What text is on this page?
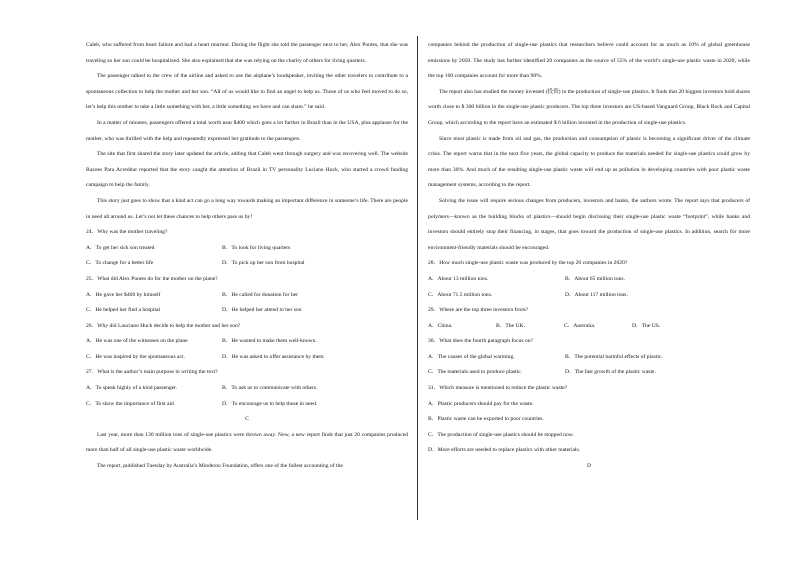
Caleb, who suffered from heart failure and had a heart murmur. During the flight she told the passenger next to her, Alex Pontes, that she was traveling so her son could be hospitalized. She also explained that she was relying on the charity of others for living quarters.

The passenger talked to the crew of the airline and asked to use the airplane’s loudspeaker, inviting the other travelers to contribute to a spontaneous collection to help the mother and her son. “All of us would like to find an angel to help us. Those of us who feel moved to do so, let’s help this mother to take a little something with her, a little something we have and can share.” he said.

In a matter of minutes, passengers offered a total worth near $400 which goes a lot further in Brazil than in the USA, plus applause for the mother, who was thrilled with the help and repeatedly expressed her gratitude to the passengers.

The site that first shared the story later updated the article, adding that Caleb went through surgery and was recovering well. The website Razoes Para Acreditar reported that the story caught the attention of Brazil in TV personality Luciano Huck, who started a crowd funding campaign to help the family.

This story just goes to show that a kind act can go a long way towards making an important difference in someone’s life. There are people in need all around us. Let’s not let these chances to help others pass us by!

24．Why was the mother traveling?

A．To get her sick son treated	B．To look for living quarters

C．To change for a better life	D．To pick up her son from hospital

25．What did Alex Pontes do for the mother on the plane?

A．He gave her $400 by himself	B．He called for donation for her

C．He helped her find a hospital	D．He helped her attend to her son

26．Why did Lauciano Huck decide to help the mother and her son?

A．He was one of the witnesses on the plane	B．He wanted to make them well-known.

C．He was inspired by the spontaneous act.	D．He was asked to offer assistance by them

27．What is the author’s main purpose in writing the text?

A．To speak highly of a kind passenger.	B．To ask us to communicate with others.

C．To show the importance of first aid	D．To encourage us to help those in need.

C

Last year, more than 130 million tons of single-use plastics were thrown away. Now, a new report finds that just 20 companies produced more than half of all single-use plastic waste worldwide.

The report, published Tuesday by Australia’s Minderoo Foundation, offers one of the fullest accounting of the

companies behind the production of single-use plastics that researchers believe could account for as much as 10% of global greenhouse emissions by 2050. The study has further identified 20 companies as the source of 55% of the world’s single-use plastic waste in 2020, while the top 100 companies account for more than 90%.

The report also has studied the money invested (投资) in the production of single-use plastics. It finds that 20 biggest investors hold shares worth close to $ 300 billion in the single-use plastic producers. The top three investors are US-based Vanguard Group, Black Rock and Capital Group, which according to the report have an estimated $ 6 billion invested in the production of single-use plastics.

Since most plastic is made from oil and gas, the production and consumption of plastic is becoming a significant driver of the climate crisis. The report warns that in the next five years, the global capacity to produce the materials needed for single-use plastics could grow by more than 30%. And much of the resulting single-use plastic waste will end up as pollution in developing countries with poor plastic waste management systems, according to the report.

Solving the issue will require serious changes from producers, investors and banks, the authors wrote. The report says that producers of polymers—known as the building blocks of plastics—should begin disclosing their single-use plastic waste “footprint”, while banks and investors should entirely stop their financing, in stages, that goes toward the production of single-use plastics. In addition, search for more environment-friendly materials should be encouraged.

28．How much single-use plastic waste was produced by the top 20 companies in 2020?

A．About 13 million tons.	B．About 65 million tons.

C．About 71.5 million tons.	D．About 117 million tons.

29．Where are the top three investors from?

A．China.	B．The UK.	C．Australia.	D．The US.

30．What does the fourth paragraph focus on?

A．The causes of the global warming.	B．The potential harmful effects of plastic.

C．The materials used to produce plastic.	D．The fast growth of the plastic waste.

31．Which measure is mentioned to reduce the plastic waste?

A．Plastic producers should pay for the waste.

B．Plastic waste can be exported to poor countries.

C．The production of single-use plastics should be stopped now.

D．More efforts are needed to replace plastics with other materials.

D
